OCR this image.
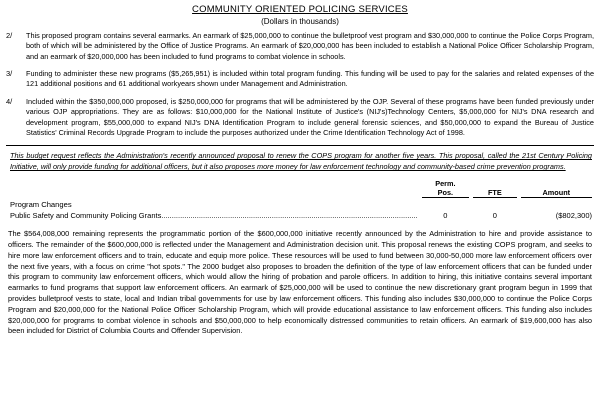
COMMUNITY ORIENTED POLICING SERVICES
(Dollars in thousands)
2/	This proposed program contains several earmarks. An earmark of $25,000,000 to continue the bulletproof vest program and $30,000,000 to continue the Police Corps Program, both of which will be administered by the Office of Justice Programs. An earmark of $20,000,000 has been included to establish a National Police Officer Scholarship Program, and an earmark of $20,000,000 has been included to fund programs to combat violence in schools.
3/	Funding to administer these new programs ($5,265,951) is included within total program funding. This funding will be used to pay for the salaries and related expenses of the 121 additional positions and 61 additional workyears shown under Management and Administration.
4/	Included within the $350,000,000 proposed, is $250,000,000 for programs that will be administered by the OJP. Several of these programs have been funded previously under various OJP appropriations. They are as follows: $10,000,000 for the National Institute of Justice's (NIJ's)Technology Centers, $5,000,000 for NIJ's DNA research and development program, $55,000,000 to expand NIJ's DNA Identification Program to include general forensic sciences, and $50,000,000 to expand the Bureau of Justice Statistics' Criminal Records Upgrade Program to include the purposes authorized under the Crime Identification Technology Act of 1998.
This budget request reflects the Administration's recently announced proposal to renew the COPS program for another five years. This proposal, called the 21st Century Policing Initiative, will only provide funding for additional officers, but it also proposes more money for law enforcement technology and community-based crime prevention programs.

	Perm.
Pos.	FTE	Amount

Program Changes			
Public Safety and Community Policing Grants...........................................................................................................................	0	0	($802,300)
The $564,008,000 remaining represents the programmatic portion of the $600,000,000 initiative recently announced by the Administration to hire and provide assistance to officers. The remainder of the $600,000,000 is reflected under the Management and Administration decision unit. This proposal renews the existing COPS program, and seeks to hire more law enforcement officers and to train, educate and equip more police. These resources will be used to fund between 30,000-50,000 more law enforcement officers over the next five years, with a focus on crime "hot spots." The 2000 budget also proposes to broaden the definition of the type of law enforcement officers that can be funded under this program to community law enforcement officers, which would allow the hiring of probation and parole officers. In addition to hiring, this initiative contains several important earmarks to fund programs that support law enforcement officers. An earmark of $25,000,000 will be used to continue the new discretionary grant program begun in 1999 that provides bulletproof vests to state, local and Indian tribal governments for use by law enforcement officers. This funding also includes $30,000,000 to continue the Police Corps Program and $20,000,000 for the National Police Officer Scholarship Program, which will provide educational assistance to law enforcement officers. This funding also includes $20,000,000 for programs to combat violence in schools and $50,000,000 to help economically distressed communities to retain officers. An earmark of $19,600,000 has also been included for District of Columbia Courts and Offender Supervision.
